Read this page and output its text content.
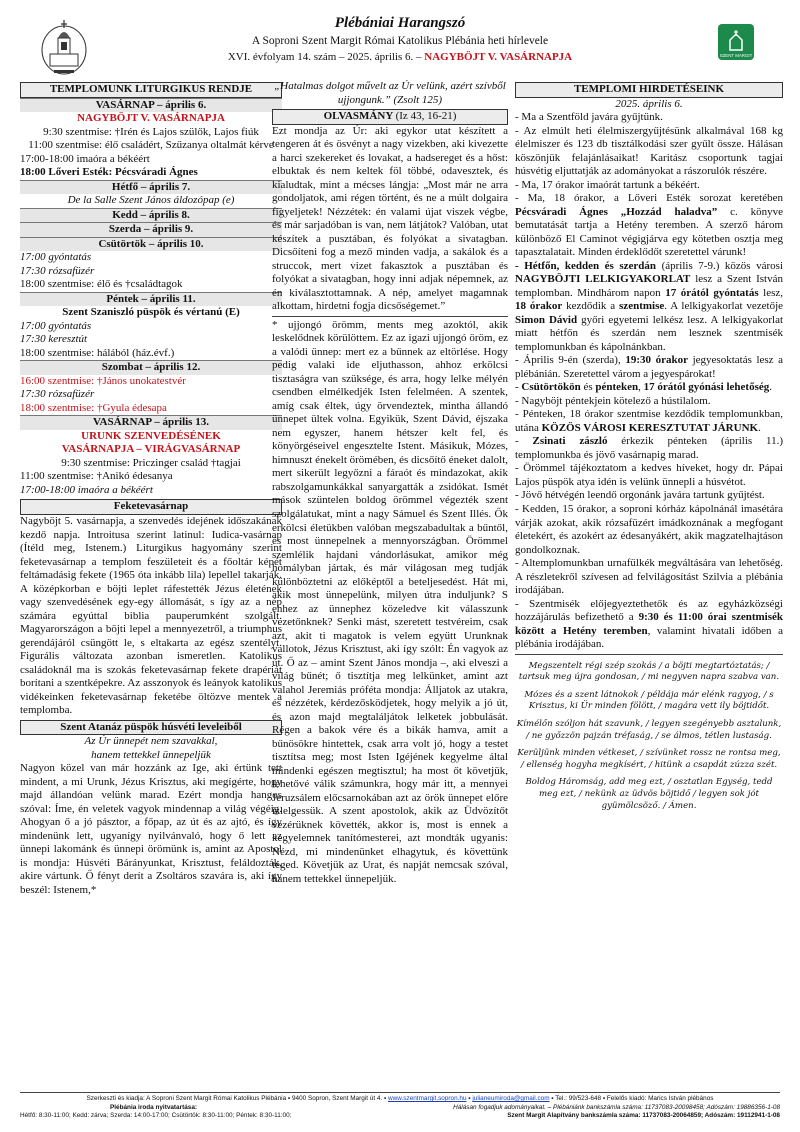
Plébániai Harangszó
A Soproni Szent Margit Római Katolikus Plébánia heti hírlevele
XVI. évfolyam 14. szám – 2025. április 6. – NAGYBÖJT V. VASÁRNAPJA	SZENT MARGIT
TEMPLOMUNK LITURGIKUS RENDJE
VASÁRNAP – április 6.
NAGYBÖJT V. VASÁRNAPJA
9:30 szentmise: †Irén és Lajos szülők, Lajos fiúk
11:00 szentmise: élő családért, Szűzanya oltalmát kérve
17:00-18:00 imaóra a békéért
18:00 Lőveri Esték: Pécsváradi Ágnes
Hétfő – április 7.
De la Salle Szent János áldozópap (e)
Kedd – április 8.
Szerda – április 9.
Csütörtök – április 10.
17:00 gyóntatás
17:30 rózsafüzér
18:00 szentmise: élő és †családtagok
Péntek – április 11.
Szent Szaniszló püspök és vértanú (E)
17:00 gyóntatás
17:30 keresztút
18:00 szentmise: hálából (ház.évf.)
Szombat – április 12.
16:00 szentmise: †János unokatestvér
17:30 rózsafüzér
18:00 szentmise: †Gyula édesapa
VASÁRNAP – április 13.
URUNK SZENVEDÉSÉNEK
VASÁRNAPJA – VIRÁGVASÁRNAP
9:30 szentmise: Priczinger család †tagjai
11:00 szentmise: †Anikó édesanya
17:00-18:00 imaóra a békéért
Feketevasárnap

Nagyböjt 5. vasárnapja, a szenvedés idejének időszakának kezdő napja. Introitusa szerint latinul: Iudica-vasárnap (Ítéld meg, Istenem.) Liturgikus hagyomány szerint feketevasárnap a templom feszületeit és a főoltár képét feltámadásig fekete (1965 óta inkább lila) lepellel takarják. A középkorban e böjti leplet ráfestették Jézus életének vagy szenvedésének egy-egy állomását, s így az a nép számára egyúttal biblia pauperumként szolgált. Magyarországon a böjti lepel a mennyezetről, a triumphus gerendájáról csüngött le, s eltakarta az egész szentélyt. Figurális változata azonban ismeretlen. Katolikus családoknál ma is szokás feketevasárnap fekete drapériát borítani a szentképekre. Az asszonyok és leányok katolikus vidékeinken feketevasárnap feketébe öltözve mentek a templomba.

Szent Atanáz püspök húsvéti leveleiből
Az Úr ünnepét nem szavakkal,
hanem tettekkel ünnepeljük

Nagyon közel van már hozzánk az Ige, aki értünk tett mindent, a mi Urunk, Jézus Krisztus, aki megígérte, hogy majd állandóan velünk marad. Ezért mondja hangos szóval: Íme, én veletek vagyok mindennap a világ végéig. Ahogyan ő a jó pásztor, a főpap, az út és az ajtó, és így mindenünk lett, ugyanígy nyilvánvaló, hogy ő lett az ünnepi lakománk és ünnepi örömünk is, amint az Apostol is mondja: Húsvéti Bárányunkat, Krisztust, feláldozták, akire vártunk. Ő fényt derít a Zsoltáros szavára is, aki így beszél: Istenem,*

„Hatalmas dolgot művelt az Úr velünk, azért szívből ujjongunk.” (Zsolt 125)
OLVASMÁNY (Iz 43, 16-21)

Ezt mondja az Úr: aki egykor utat készített a tengeren át és ösvényt a nagy vizekben, aki kivezette a harci szekereket és lovakat, a hadsereget és a hőst: elbuktak és nem keltek föl többé, odavesztek, és kialudtak, mint a mécses lángja: „Most már ne arra gondoljatok, ami régen történt, és ne a múlt dolgaira figyeljetek! Nézzétek: én valami újat viszek végbe, és már sarjadóban is van, nem látjátok? Valóban, utat készítek a pusztában, és folyókat a sivatagban. Dicsőíteni fog a mező minden vadja, a sakálok és a struccok, mert vizet fakasztok a pusztában és folyókat a sivatagban, hogy inni adjak népemnek, az én kiválasztottamnak. A nép, amelyet magamnak alkottam, hirdetni fogja dicsőségemet.”

* ujjongó örömm, ments meg azoktól, akik leskelődnek körülöttem. Ez az igazi ujjongó öröm, ez a valódi ünnep: mert ez a bűnnek az eltörlése. Hogy pedig valaki ide eljuthasson, ahhoz erkölcsi tisztaságra van szüksége, és arra, hogy lelke mélyén csendben elmélkedjék Isten felelméen. A szentek, amíg csak éltek, úgy örvendeztek, mintha állandó ünnepet ültek volna. Egyikük, Szent Dávid, éjszaka nem egyszer, hanem hétszer kelt fel, és könyörgéseivel engesztelte Istent. Másikuk, Mózes, himnuszt énekelt örömében, és dicsőítő éneket dalolt, mert sikerült legyőzni a fáraót és mindazokat, akik rabszolgamunkákkal sanyargatták a zsidókat. Ismét mások szüntelen boldog örömmel végezték szent szolgálatukat, mint a nagy Sámuel és Szent Illés. Ők erkölcsi életükben valóban megszabadultak a bűntől, és most ünnepelnek a mennyországban. Örömmel szemlélik hajdani vándorlásukat, amikor még homályban jártak, és már világosan meg tudják különböztetni az előképtől a beteljesedést. Hát mi, akik most ünnepelünk, milyen útra induljunk? S ehhez az ünnephez közeledve kit válasszunk vezetőnknek? Senki mást, szeretett testvéreim, csak azt, akit ti magatok is velem együtt Urunknak vallotok, Jézus Krisztust, aki így szólt: Én vagyok az út. Ő az – amint Szent János mondja –, aki elveszi a világ bűnét; ő tisztítja meg lelkünket, amint azt valahol Jeremiás próféta mondja: Álljatok az utakra, és nézzétek, kérdezősködjetek, hogy melyik a jó út, és azon majd megtaláljátok lelketek jobbulását. Régen a bakok vére és a bikák hamva, amit a bűnösökre hintettek, csak arra volt jó, hogy a testet tisztítsa meg; most Isten Igéjének kegyelme által mindenki egészen megtisztul; ha most őt követjük, lehetővé válik számunkra, hogy már itt, a mennyei Jeruzsálem előcsarnokában azt az örök ünnepet előre ízlelgessük. A szent apostolok, akik az Üdvözítőt vezérüknek követték, akkor is, most is ennek a kegyelemnek tanítómesterei, azt mondták ugyanis: Nézd, mi mindenünket elhagytuk, és követtünk téged. Követjük az Urat, és napját nemcsak szóval, hanem tettekkel ünnepeljük.

TEMPLOMI HIRDETÉSEINK
2025. április 6.

- Ma a Szentföld javára gyűjtünk.

- Az elmúlt heti élelmiszergyűjtésünk alkalmával 168 kg élelmiszer és 123 db tisztálkodási szer gyűlt össze. Hálásan köszönjük felajánlásaikat! Karitász csoportunk tagjai húsvétig eljuttatják az adományokat a rászorulók részére.

- Ma, 17 órakor imaórát tartunk a békéért.

- Ma, 18 órakor, a Lőveri Esték sorozat keretében Pécsváradi Ágnes „Hozzád haladva” c. könyve bemutatását tartja a Hetény teremben. A szerző három különböző El Caminot végigjárva egy kötetben osztja meg tapasztalatait. Minden érdeklődőt szeretettel várunk!

- Hétfőn, kedden és szerdán (április 7-9.) közös városi NAGYBÖJTI LELKIGYAKORLAT lesz a Szent István templomban. Mindhárom napon 17 órától gyóntatás lesz, 18 órakor kezdődik a szentmise. A lelkigyakorlat vezetője Simon Dávid győri egyetemi lelkész lesz. A lelkigyakorlat miatt hétfőn és szerdán nem lesznek szentmisék templomunkban és kápolnánkban.

- Április 9-én (szerda), 19:30 órakor jegyesoktatás lesz a plébánián. Szeretettel várom a jegyespárokat!

- Csütörtökön és pénteken, 17 órától gyónási lehetőség.

- Nagyböjt péntekjein kötelező a hústilalom.

- Pénteken, 18 órakor szentmise kezdődik templomunkban, utána KÖZÖS VÁROSI KERESZTUTAT JÁRUNK.

- Zsinati zászló érkezik pénteken (április 11.) templomunkba és jövő vasárnapig marad.

- Örömmel tájékoztatom a kedves híveket, hogy dr. Pápai Lajos püspök atya idén is velünk ünnepli a húsvétot.

- Jövő hétvégén leendő orgonánk javára tartunk gyűjtést.

- Kedden, 15 órakor, a soproni kórház kápolnánál imasétára várják azokat, akik rózsafüzért imádkoznának a megfogant életekért, és azokért az édesanyákért, akik magzatelhajtáson gondolkoznak.

- Altemplomunkban urnafülkék megváltására van lehetőség. A részletekről szívesen ad felvilágosítást Szilvia a plébánia irodájában.

- Szentmisék előjegyeztethetők és az egyházközségi hozzájárulás befizethető a 9:30 és 11:00 órai szentmisék között a Hetény teremben, valamint hivatali időben a plébánia irodájában.

Megszentelt régi szép szokás / a böjti megtartóztatás; / tartsuk meg újra gondosan, / mi negyven napra szabva van.
Mózes és a szent látnokok / példája már elénk ragyog, / s Krisztus, ki Ür minden fölött, / magára vett ily böjtidőt.
Kímélőn szóljon hát szavunk, / legyen szegényebb asztalunk, / ne győzzön pajzán tréfaság, / se álmos, tétlen lustaság.
Kerüljünk minden vétkeset, / szívünket rossz ne rontsa meg, / ellenség hogyha megkísért, / hitünk a csapdát zúzza szét.
Boldog Háromság, add meg ezt, / osztatlan Egység, tedd meg ezt, / nekünk az üdvös böjtidő / legyen sok jót gyümölcsöző. / Ámen.
Szerkeszti és kiadja: A Soproni Szent Margit Római Katolikus Plébánia ▪ 9400 Sopron, Szent Margit út 4. ▪ www.szentmargit.sopron.hu ▪ julianeumiroda@gmail.com ▪ Tel.: 99/523-648 ▪ Felelős kiadó: Marics István plébános
Plébánia iroda nyitvatartása:	Hálásan fogadjuk adományaikat. – Plébániánk bankszámla száma: 11737083-20098458; Adószám: 19886356-1-08
Hétfő: 8:30-11:00; Kedd: zárva; Szerda: 14:00-17:00; Csütörtök: 8:30-11:00; Péntek: 8:30-11:00;	Szent Margit Alapítvány bankszámla száma: 11737083-20064859; Adószám: 19112941-1-08
